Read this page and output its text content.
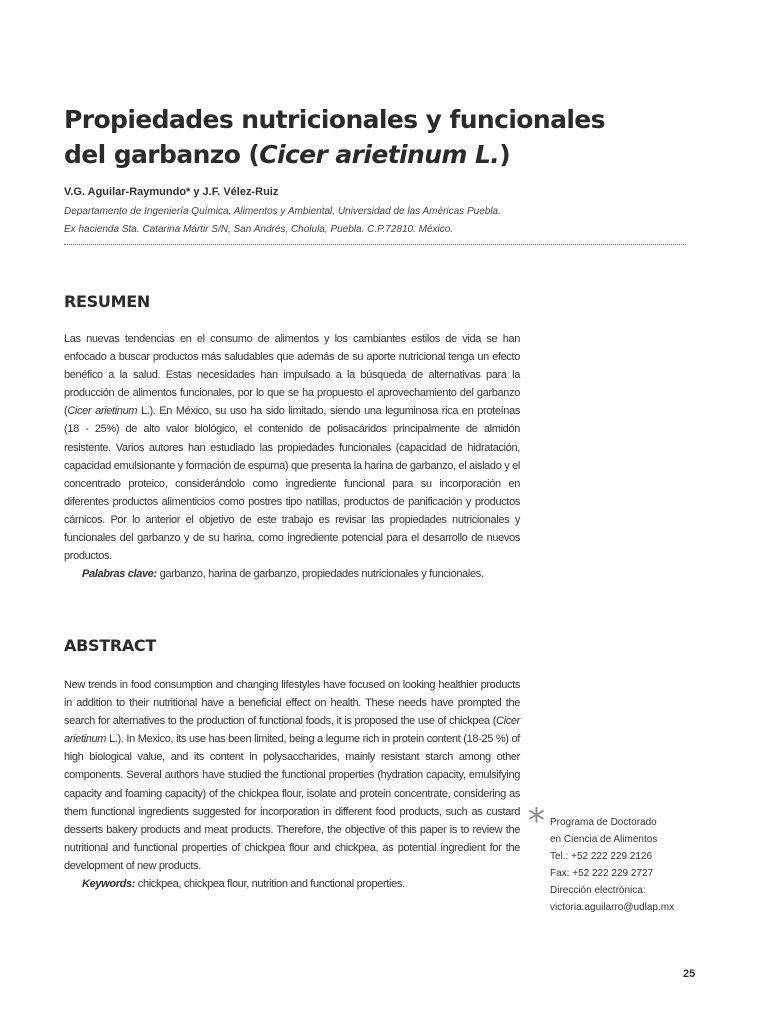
Propiedades nutricionales y funcionales
del garbanzo (Cicer arietinum L.)
V.G. Aguilar-Raymundo* y J.F. Vélez-Ruiz
Departamento de Ingeniería Química, Alimentos y Ambiental, Universidad de las Américas Puebla.
Ex hacienda Sta. Catarina Mártir S/N, San Andrés, Cholula, Puebla. C.P.72810. México.
RESUMEN

Las nuevas tendencias en el consumo de alimentos y los cambiantes estilos de vida se han enfocado a buscar productos más saludables que además de su aporte nutricional tenga un efecto benéfico a la salud. Estas necesidades han impulsado a la búsqueda de alternativas para la producción de alimentos funcionales, por lo que se ha propuesto el aprovechamiento del garbanzo (Cicer arietinum L.). En México, su uso ha sido limitado, siendo una leguminosa rica en proteínas (18 - 25%) de alto valor biológico, el contenido de polisacáridos principalmente de almidón resistente. Varios autores han estudiado las propiedades funcionales (capacidad de hidratación, capacidad emulsionante y formación de espuma) que presenta la harina de garbanzo, el aislado y el concentrado proteico, considerándolo como ingrediente funcional para su incorporación en diferentes productos alimenticios como postres tipo natillas, productos de panificación y productos cárnicos. Por lo anterior el objetivo de este trabajo es revisar las propiedades nutricionales y funcionales del garbanzo y de su harina, como ingrediente potencial para el desarrollo de nuevos productos.

Palabras clave: garbanzo, harina de garbanzo, propiedades nutricionales y funcionales.

ABSTRACT

New trends in food consumption and changing lifestyles have focused on looking healthier products in addition to their nutritional have a beneficial effect on health. These needs have prompted the search for alternatives to the production of functional foods, it is proposed the use of chickpea (Cicer arietinum L.). In Mexico, its use has been limited, being a legume rich in protein content (18-25 %) of high biological value, and its content in polysaccharides, mainly resistant starch among other components. Several authors have studied the functional properties (hydration capacity, emulsifying capacity and foaming capacity) of the chickpea flour, isolate and protein concentrate, considering as them functional ingredients suggested for incorporation in different food products, such as custard desserts bakery products and meat products. Therefore, the objective of this paper is to review the nutritional and functional properties of chickpea flour and chickpea, as potential ingredient for the development of new products.

Keywords: chickpea, chickpea flour, nutrition and functional properties.

* Programa de Doctorado
en Ciencia de Alimentos
Tel.: +52 222 229 2126
Fax: +52 222 229 2727
Dirección electrónica:
victoria.aguilarro@udlap.mx
25
